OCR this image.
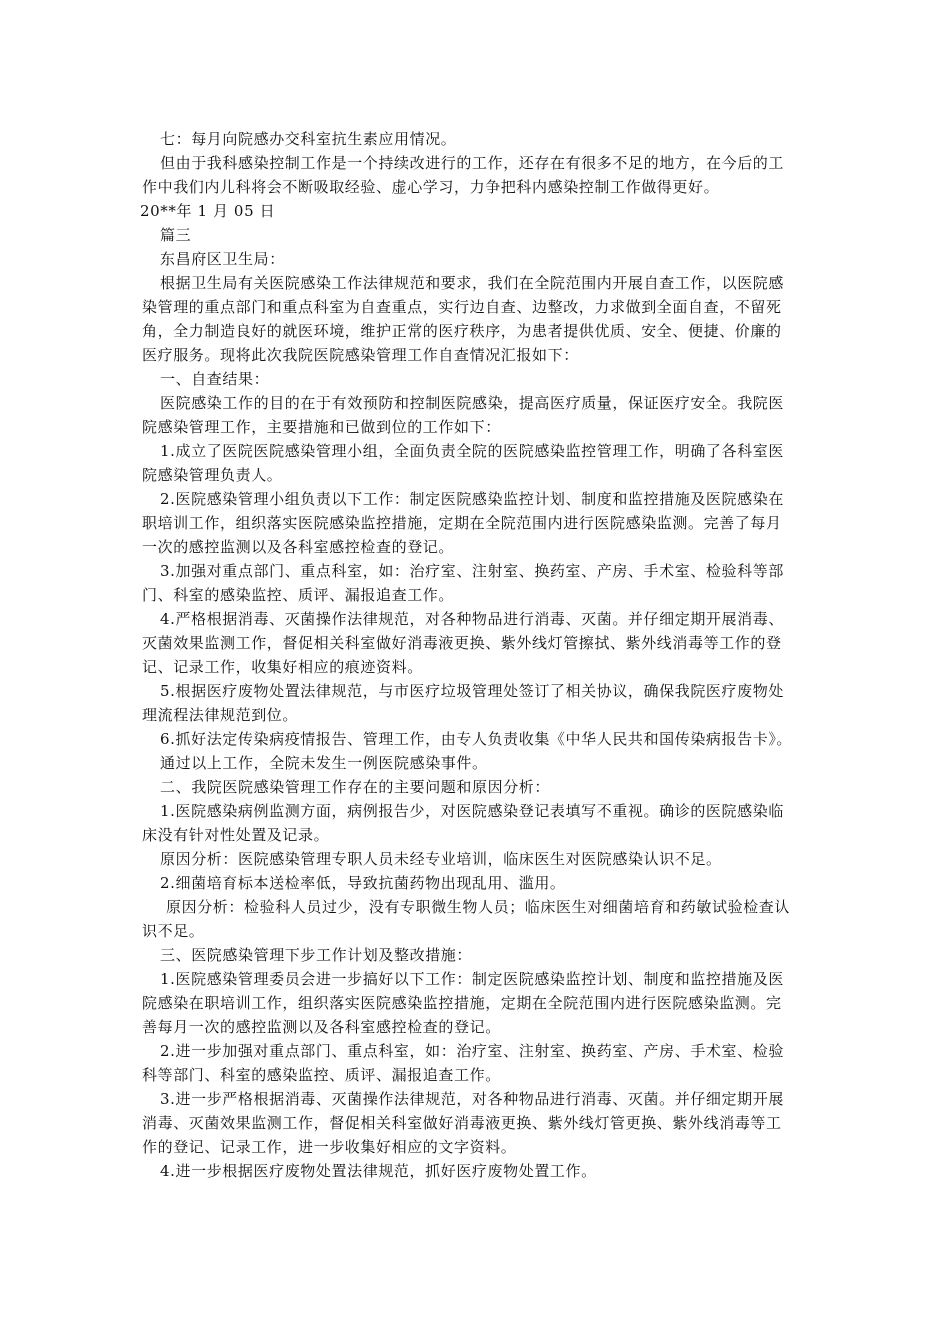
七：每月向院感办交科室抗生素应用情况。

但由于我科感染控制工作是一个持续改进行的工作，还存在有很多不足的地方，在今后的工

作中我们内儿科将会不断吸取经验、虚心学习，力争把科内感染控制工作做得更好。

20**年 1 月 05 日

篇三

东昌府区卫生局：

根据卫生局有关医院感染工作法律规范和要求，我们在全院范围内开展自查工作，以医院感

染管理的重点部门和重点科室为自查重点，实行边自查、边整改，力求做到全面自查，不留死

角，全力制造良好的就医环境，维护正常的医疗秩序，为患者提供优质、安全、便捷、价廉的

医疗服务。现将此次我院医院感染管理工作自查情况汇报如下：

一、自查结果：

医院感染工作的目的在于有效预防和控制医院感染，提高医疗质量，保证医疗安全。我院医

院感染管理工作，主要措施和已做到位的工作如下：

1.成立了医院医院感染管理小组，全面负责全院的医院感染监控管理工作，明确了各科室医

院感染管理负责人。

2.医院感染管理小组负责以下工作：制定医院感染监控计划、制度和监控措施及医院感染在

职培训工作，组织落实医院感染监控措施，定期在全院范围内进行医院感染监测。完善了每月

一次的感控监测以及各科室感控检查的登记。

3.加强对重点部门、重点科室，如：治疗室、注射室、换药室、产房、手术室、检验科等部

门、科室的感染监控、质评、漏报追查工作。

4.严格根据消毒、灭菌操作法律规范，对各种物品进行消毒、灭菌。并仔细定期开展消毒、

灭菌效果监测工作，督促相关科室做好消毒液更换、紫外线灯管擦拭、紫外线消毒等工作的登

记、记录工作，收集好相应的痕迹资料。

5.根据医疗废物处置法律规范，与市医疗垃圾管理处签订了相关协议，确保我院医疗废物处

理流程法律规范到位。

6.抓好法定传染病疫情报告、管理工作，由专人负责收集《中华人民共和国传染病报告卡》。

通过以上工作，全院未发生一例医院感染事件。

二、我院医院感染管理工作存在的主要问题和原因分析：

1.医院感染病例监测方面，病例报告少，对医院感染登记表填写不重视。确诊的医院感染临

床没有针对性处置及记录。

原因分析：医院感染管理专职人员未经专业培训，临床医生对医院感染认识不足。

2.细菌培育标本送检率低，导致抗菌药物出现乱用、滥用。

原因分析：检验科人员过少，没有专职微生物人员；临床医生对细菌培育和药敏试验检查认

识不足。

三、医院感染管理下步工作计划及整改措施：

1.医院感染管理委员会进一步搞好以下工作：制定医院感染监控计划、制度和监控措施及医

院感染在职培训工作，组织落实医院感染监控措施，定期在全院范围内进行医院感染监测。完

善每月一次的感控监测以及各科室感控检查的登记。

2.进一步加强对重点部门、重点科室，如：治疗室、注射室、换药室、产房、手术室、检验

科等部门、科室的感染监控、质评、漏报追查工作。

3.进一步严格根据消毒、灭菌操作法律规范，对各种物品进行消毒、灭菌。并仔细定期开展

消毒、灭菌效果监测工作，督促相关科室做好消毒液更换、紫外线灯管更换、紫外线消毒等工

作的登记、记录工作，进一步收集好相应的文字资料。

4.进一步根据医疗废物处置法律规范，抓好医疗废物处置工作。
